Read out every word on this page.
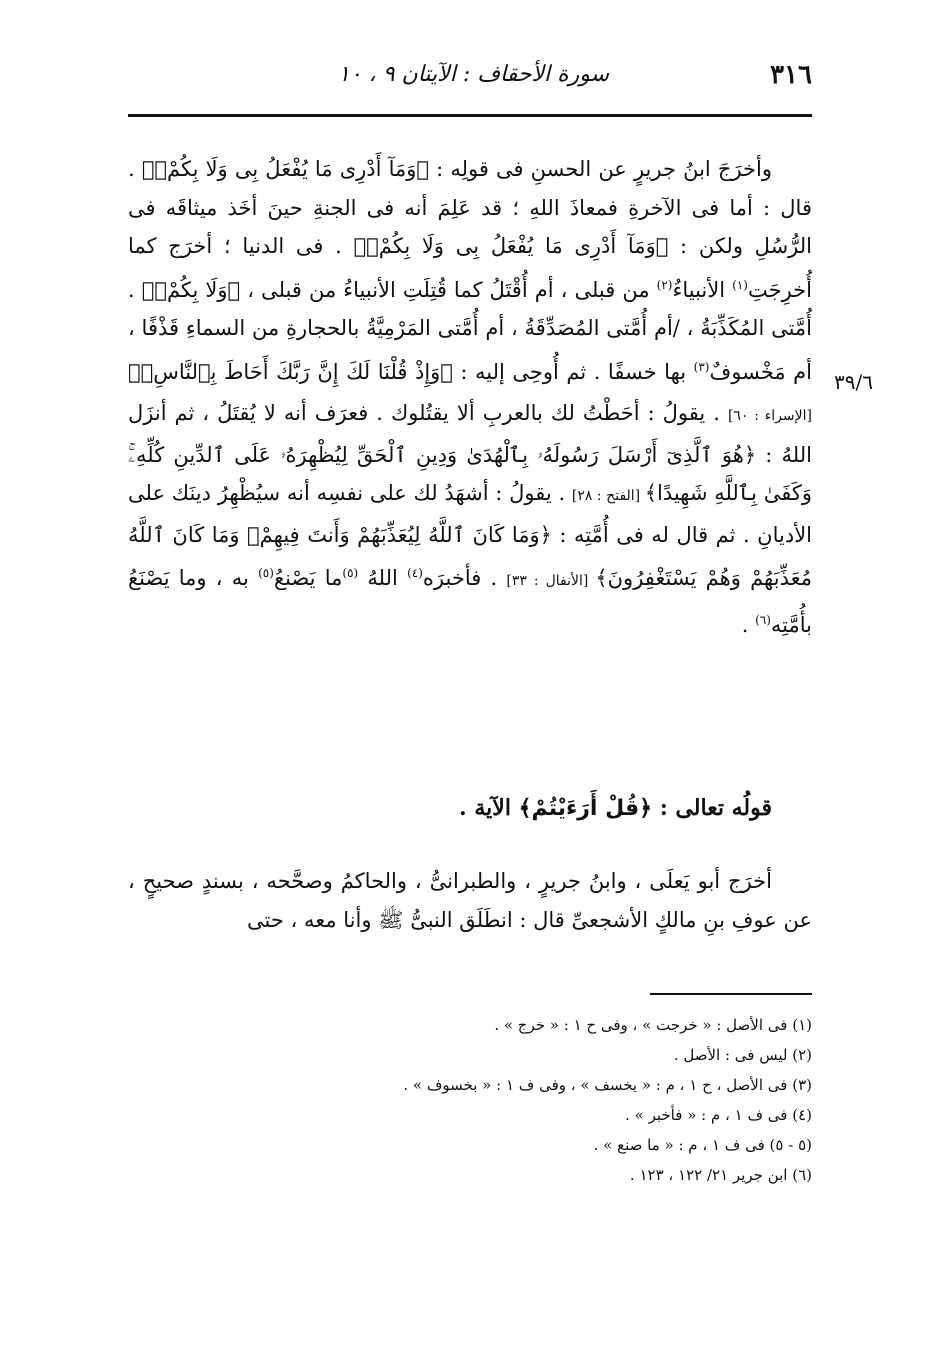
٣١٦
سورة الأحقاف : الآيتان ٩ ، ١٠
٣٩/٦

وأخرَجَ ابنُ جريرٍ عن الحسنِ فى قولِه : ﴿وَمَآ أَدْرِى مَا يُفْعَلُ بِى وَلَا بِكُمْۖ﴾ . قال : أما فى الآخرةِ فمعاذَ اللهِ ؛ قد عَلِمَ أنه فى الجنةِ حينَ أخَذ ميثاقَه فى الرُّسُلِ ولكن : ﴿وَمَآ أَدْرِى مَا يُفْعَلُ بِى وَلَا بِكُمْۖ﴾ . فى الدنيا ؛ أخرَج كما أُخرِجَتِ$^{(١)}$ الأنبياءُ$^{(٢)}$ من قبلى ، أم أُقْتَلُ كما قُتِلَتِ الأنبياءُ من قبلى ، ﴿وَلَا بِكُمْۖ﴾ . أُمَّتى المُكَذِّبَةُ ، /أم أُمَّتى المُصَدِّقَةُ ، أم أُمَّتى المَرْمِيَّةُ بالحجارةِ من السماءِ قَذْفًا ، أم مَخْسوفٌ$^{(٣)}$ بها خسفًا . ثم أُوحِى إليه : ﴿وَإِذْ قُلْنَا لَكَ إِنَّ رَبَّكَ أَحَاطَ بِٱلنَّاسِۚ﴾ [الإسراء : ٦٠] . يقولُ : أحَطْتُ لك بالعربِ ألا يقتُلوك . فعرَف أنه لا يُقتَلُ ، ثم أنزَل اللهُ : ﴿هُوَ ٱلَّذِىٓ أَرْسَلَ رَسُولَهُۥ بِٱلْهُدَىٰ وَدِينِ ٱلْحَقِّ لِيُظْهِرَهُۥ عَلَى ٱلدِّينِ كُلِّهِۦۚ وَكَفَىٰ بِٱللَّهِ شَهِيدًا﴾ [الفتح : ٢٨] . يقولُ : أشهَدُ لك على نفسِه أنه سيُظْهِرُ دينَك على الأديانِ . ثم قال له فى أُمَّتِه : ﴿وَمَا كَانَ ٱللَّهُ لِيُعَذِّبَهُمْ وَأَنتَ فِيهِمْۚ وَمَا كَانَ ٱللَّهُ مُعَذِّبَهُمْ وَهُمْ يَسْتَغْفِرُونَ﴾ [الأنفال : ٣٣] . فأخبرَه$^{(٤)}$ اللهُ $^{(٥)}$ما يَصْنعُ$^{(٥)}$ به ، وما يَصْنَعُ بأُمَّتِه$^{(٦)}$ .

قولُه تعالى : ﴿قُلْ أَرَءَيْتُمْ﴾ الآية .

أخرَج أبو يَعلَى ، وابنُ جريرٍ ، والطبرانىُّ ، والحاكمُ وصحَّحه ، بسندٍ صحيحٍ ، عن عوفِ بنِ مالكٍ الأشجعىِّ قال : انطَلَق النبىُّ ﷺ وأنا معه ، حتى

(١) فى الأصل : « خرجت » ، وفى ح ١ : « خرج » .
(٢) ليس فى : الأصل .
(٣) فى الأصل ، ح ١ ، م : « يخسف » ، وفى ف ١ : « بخسوف » .
(٤) فى ف ١ ، م : « فأخبر » .
(٥ - ٥) فى ف ١ ، م : « ما صنع » .
(٦) ابن جرير ٢١/ ١٢٢ ، ١٢٣ .
